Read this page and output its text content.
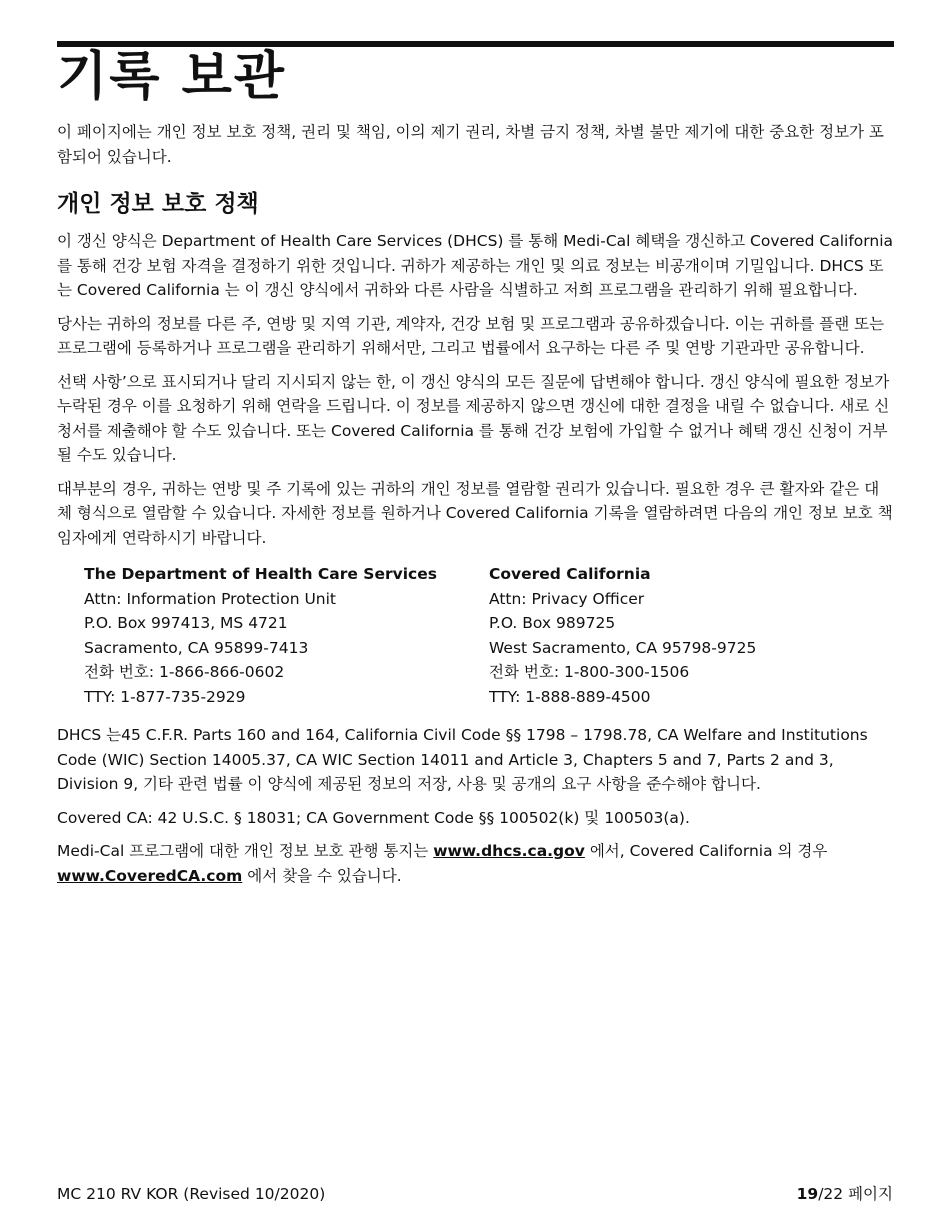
기록 보관

이 페이지에는 개인 정보 보호 정책, 권리 및 책임, 이의 제기 권리, 차별 금지 정책, 차별 불만 제기에 대한 중요한 정보가 포함되어 있습니다.

개인 정보 보호 정책

이 갱신 양식은 Department of Health Care Services (DHCS) 를 통해 Medi-Cal 혜택을 갱신하고 Covered California 를 통해 건강 보험 자격을 결정하기 위한 것입니다. 귀하가 제공하는 개인 및 의료 정보는 비공개이며 기밀입니다. DHCS 또는 Covered California 는 이 갱신 양식에서 귀하와 다른 사람을 식별하고 저희 프로그램을 관리하기 위해 필요합니다.

당사는 귀하의 정보를 다른 주, 연방 및 지역 기관, 계약자, 건강 보험 및 프로그램과 공유하겠습니다. 이는 귀하를 플랜 또는 프로그램에 등록하거나 프로그램을 관리하기 위해서만, 그리고 법률에서 요구하는 다른 주 및 연방 기관과만 공유합니다.

선택 사항’으로 표시되거나 달리 지시되지 않는 한, 이 갱신 양식의 모든 질문에 답변해야 합니다. 갱신 양식에 필요한 정보가 누락된 경우 이를 요청하기 위해 연락을 드립니다. 이 정보를 제공하지 않으면 갱신에 대한 결정을 내릴 수 없습니다. 새로 신청서를 제출해야 할 수도 있습니다. 또는 Covered California 를 통해 건강 보험에 가입할 수 없거나 혜택 갱신 신청이 거부될 수도 있습니다.

대부분의 경우, 귀하는 연방 및 주 기록에 있는 귀하의 개인 정보를 열람할 권리가 있습니다. 필요한 경우 큰 활자와 같은 대체 형식으로 열람할 수 있습니다. 자세한 정보를 원하거나 Covered California 기록을 열람하려면 다음의 개인 정보 보호 책임자에게 연락하시기 바랍니다.

The Department of Health Care Services
Attn: Information Protection Unit
P.O. Box 997413, MS 4721
Sacramento, CA 95899-7413
전화 번호: 1-866-866-0602
TTY: 1-877-735-2929
Covered California
Attn: Privacy Officer
P.O. Box 989725
West Sacramento, CA 95798-9725
전화 번호: 1-800-300-1506
TTY: 1-888-889-4500

DHCS 는45 C.F.R. Parts 160 and 164, California Civil Code §§ 1798 – 1798.78, CA Welfare and Institutions Code (WIC) Section 14005.37, CA WIC Section 14011 and Article 3, Chapters 5 and 7, Parts 2 and 3, Division 9, 기타 관련 법률 이 양식에 제공된 정보의 저장, 사용 및 공개의 요구 사항을 준수해야 합니다.

Covered CA: 42 U.S.C. § 18031; CA Government Code §§ 100502(k) 및 100503(a).

Medi-Cal 프로그램에 대한 개인 정보 보호 관행 통지는 www.dhcs.ca.gov 에서, Covered California 의 경우 www.CoveredCA.com 에서 찾을 수 있습니다.

MC 210 RV KOR (Revised 10/2020)	19/22 페이지
